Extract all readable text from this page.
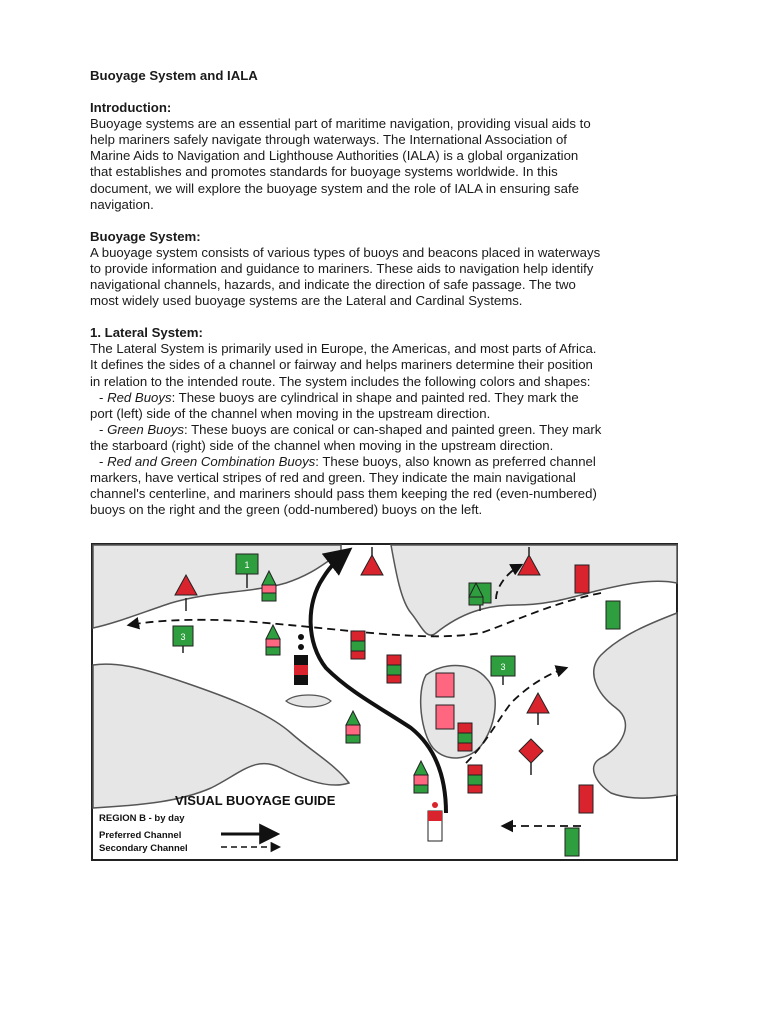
Buoyage System and IALA

Introduction:

Buoyage systems are an essential part of maritime navigation, providing visual aids to

help mariners safely navigate through waterways. The International Association of

Marine Aids to Navigation and Lighthouse Authorities (IALA) is a global organization

that establishes and promotes standards for buoyage systems worldwide. In this

document, we will explore the buoyage system and the role of IALA in ensuring safe

navigation.

Buoyage System:

A buoyage system consists of various types of buoys and beacons placed in waterways

to provide information and guidance to mariners. These aids to navigation help identify

navigational channels, hazards, and indicate the direction of safe passage. The two

most widely used buoyage systems are the Lateral and Cardinal Systems.

1. Lateral System:

The Lateral System is primarily used in Europe, the Americas, and most parts of Africa.

It defines the sides of a channel or fairway and helps mariners determine their position

in relation to the intended route. The system includes the following colors and shapes:

- Red Buoys: These buoys are cylindrical in shape and painted red. They mark the

port (left) side of the channel when moving in the upstream direction.

- Green Buoys: These buoys are conical or can-shaped and painted green. They mark

the starboard (right) side of the channel when moving in the upstream direction.

- Red and Green Combination Buoys: These buoys, also known as preferred channel

markers, have vertical stripes of red and green. They indicate the main navigational

channel's centerline, and mariners should pass them keeping the red (even-numbered)

buoys on the right and the green (odd-numbered) buoys on the left.

1
3
3
VISUAL BUOYAGE GUIDE
REGION B - by day
Preferred Channel
Secondary Channel
